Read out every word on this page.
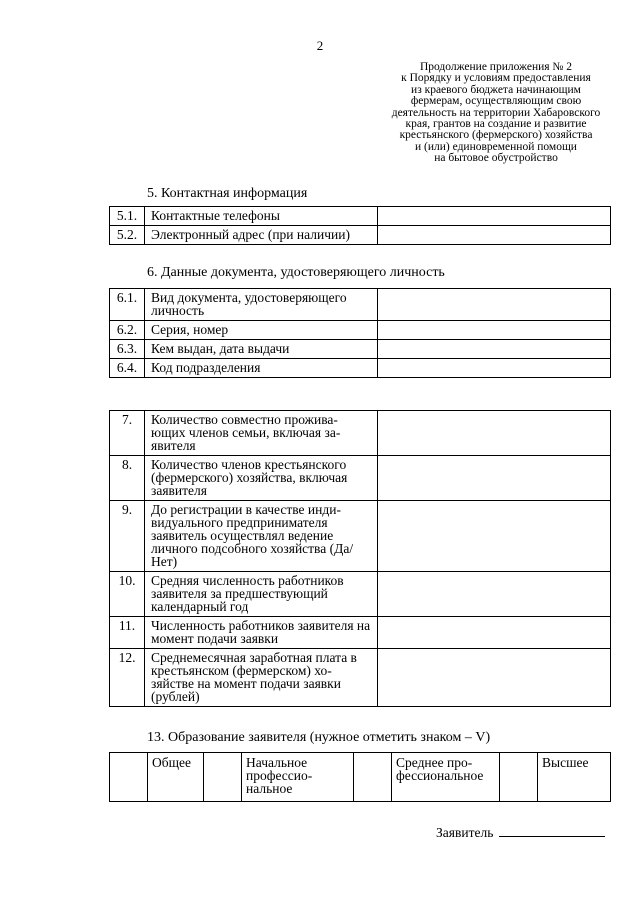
2
Продолжение приложения № 2
к Порядку и условиям предоставления
из краевого бюджета начинающим
фермерам, осуществляющим свою
деятельность на территории Хабаровского
края, грантов на создание и развитие
крестьянского (фермерского) хозяйства
и (или) единовременной помощи
на бытовое обустройство
5. Контактная информация
5.1.	Контактные телефоны	
5.2.	Электронный адрес (при наличии)	
6. Данные документа, удостоверяющего личность
6.1.	Вид документа, удостоверяющего личность	
6.2.	Серия, номер	
6.3.	Кем выдан, дата выдачи	
6.4.	Код подразделения	
7.	Количество совместно прожива-ющих членов семьи, включая за-явителя	
8.	Количество членов крестьянского (фермерского) хозяйства, включая заявителя	
9.	До регистрации в качестве инди-видуального предпринимателя заявитель осуществлял ведение личного подсобного хозяйства (Да/Нет)	
10.	Средняя численность работников заявителя за предшествующий календарный год	
11.	Численность работников заявителя на момент подачи заявки	
12.	Среднемесячная заработная плата в крестьянском (фермерском) хо-зяйстве на момент подачи заявки (рублей)	
13. Образование заявителя (нужное отметить знаком – V)
	Общее		Начальное профессио-нальное		Среднее про-фессиональное		Высшее
Заявитель
